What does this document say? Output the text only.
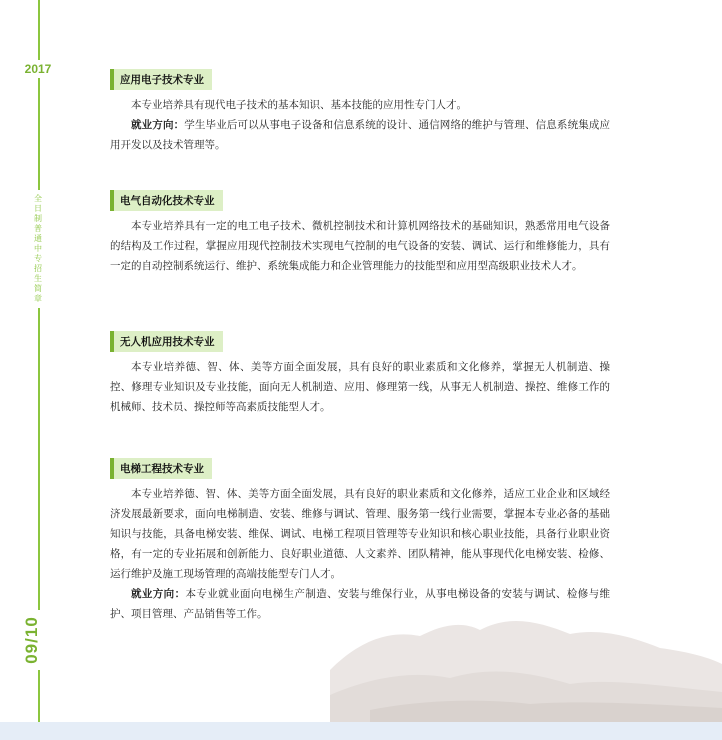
2017
全日制普通中专招生简章
09/10
应用电子技术专业

本专业培养具有现代电子技术的基本知识、基本技能的应用性专门人才。

就业方向：学生毕业后可以从事电子设备和信息系统的设计、通信网络的维护与管理、信息系统集成应用开发以及技术管理等。

电气自动化技术专业

本专业培养具有一定的电工电子技术、微机控制技术和计算机网络技术的基础知识，熟悉常用电气设备的结构及工作过程，掌握应用现代控制技术实现电气控制的电气设备的安装、调试、运行和维修能力，具有一定的自动控制系统运行、维护、系统集成能力和企业管理能力的技能型和应用型高级职业技术人才。

无人机应用技术专业

本专业培养德、智、体、美等方面全面发展，具有良好的职业素质和文化修养，掌握无人机制造、操控、修理专业知识及专业技能，面向无人机制造、应用、修理第一线，从事无人机制造、操控、维修工作的机械师、技术员、操控师等高素质技能型人才。

电梯工程技术专业

本专业培养德、智、体、美等方面全面发展，具有良好的职业素质和文化修养，适应工业企业和区域经济发展最新要求，面向电梯制造、安装、维修与调试、管理、服务第一线行业需要，掌握本专业必备的基础知识与技能，具备电梯安装、维保、调试、电梯工程项目管理等专业知识和核心职业技能，具备行业职业资格，有一定的专业拓展和创新能力、良好职业道德、人文素养、团队精神，能从事现代化电梯安装、检修、运行维护及施工现场管理的高端技能型专门人才。

就业方向：本专业就业面向电梯生产制造、安装与维保行业，从事电梯设备的安装与调试、检修与维护、项目管理、产品销售等工作。
